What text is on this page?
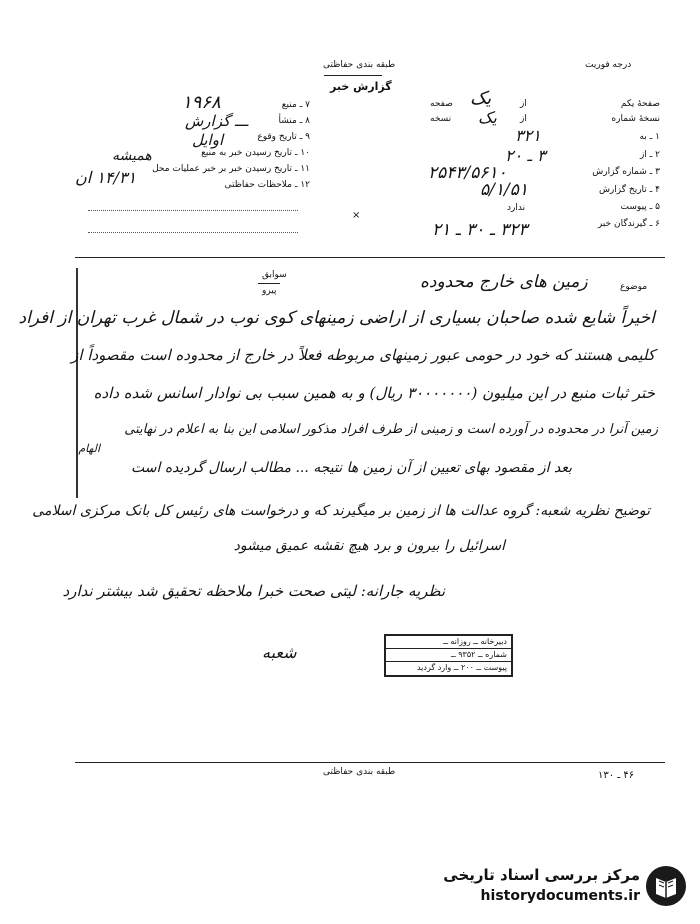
طبقه بندی حفاظتی
گزارش خبر
درجه فوریت
۷ ـ منبع
۸ ـ منشأ
۹ ـ تاریخ وقوع
۱۰ ـ تاریخ رسیدن خبر به منبع
۱۱ ـ تاریخ رسیدن خبر بر خبر عملیات محل
۱۲ ـ ملاحظات حفاظتی
۱۹۶۸
ـــ گزارش
اوایل
همیشه
۱۴/۳۱ ان
صفحۀ یکم
نسخۀ شماره
۱ ـ به
۲ ـ از
۳ ـ شماره گزارش
۴ ـ تاریخ گزارش
۵ ـ پیوست
۶ ـ گیرندگان خبر
از
صفحه
از
نسخه
ندارد
یک
یک
۳۲۱
۳ ـ ۲۰
۲۵۴۳/۵۶۱۰
۵/۱/۵۱
۳۲۳ ـ ۳۰ ـ ۲۱
×
موضوع
زمین های خارج محدوده
سوابق
پیرو
اخیراً شایع شده صاحبان بسیاری از اراضی زمینهای کوی نوب در شمال غرب تهران از افراد
کلیمی هستند که خود در حومی عبور زمینهای مربوطه فعلاً در خارج از محدوده است مقصوداً از
ختر ثبات منبع در این میلیون (۳۰۰۰۰۰۰۰ ریال) و به همین سبب بی نوادار اسانس شده داده
الهام
زمین آنرا در محدوده در آورده است و زمینی از طرف افراد مذکور اسلامی این بنا به اعلام در نهایتی
بعد از مقصود بهای تعیین از آن زمین ها نتیجه ... مطالب ارسال گردیده است
توضیح نظریه شعبه: گروه عدالت ها از زمین بر میگیرند که و درخواست های رئیس کل بانک مرکزی اسلامی
اسرائیل را بیرون و برد هیچ نقشه عمیق میشود
نظریه جارانه: لیتی صحت خبرا ملاحظه تحقیق شد بیشتر ندارد
شعبه
دبیرخانه ــ روزانه ــ
شماره ــ ۹۳۵۲ ــ
پیوست ــ ۲۰۰ ــ وارد گردید
طبقه بندی حفاظتی	۴۶ ـ ۱۳۰
مرکز بررسی اسناد تاریخی
historydocuments.ir
